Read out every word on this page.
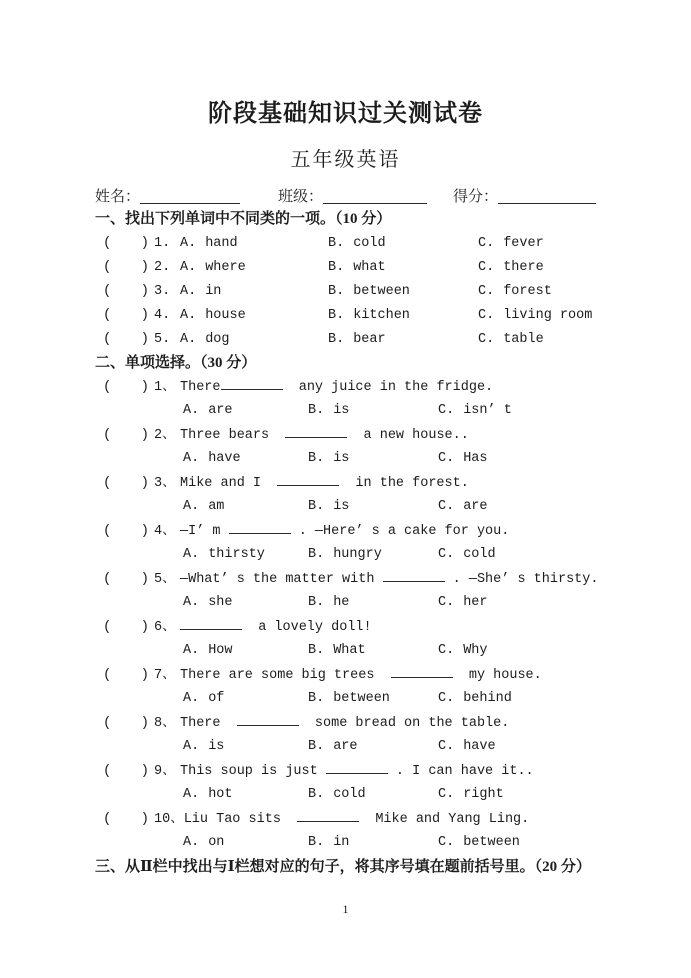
阶段基础知识过关测试卷
五年级英语
姓名：	班级：	得分：
一、找出下列单词中不同类的一项。（10 分）
( ) 1. A. hand	B. cold	C. fever
( ) 2. A. where	B. what	C. there
( ) 3. A. in	B. between	C. forest
( ) 4. A. house	B. kitchen	C. living room
( ) 5. A. dog	B. bear	C. table
二、单项选择。（30 分）
( ) 1、 There	any juice in the fridge.
A. are	B. is	C. isn’ t
( ) 2、 Three bears	a new house..
A. have	B. is	C. Has
( ) 3、 Mike and I	in the forest.
A. am	B. is	C. are
( ) 4、 —I’ m	. —Here’ s a cake for you.
A. thirsty	B. hungry	C. cold
( ) 5、 —What’ s the matter with	. —She’ s thirsty.
A. she	B. he	C. her
( ) 6、	a lovely doll!
A. How	B. What	C. Why
( ) 7、 There are some big trees	my house.
A. of	B. between	C. behind
( ) 8、 There	some bread on the table.
A. is	B. are	C. have
( ) 9、 This soup is just	. I can have it..
A. hot	B. cold	C. right
( ) 10、 Liu Tao sits	Mike and Yang Ling.
A. on	B. in	C. between
三、从Ⅱ栏中找出与Ⅰ栏想对应的句子，将其序号填在题前括号里。（20 分）
1
